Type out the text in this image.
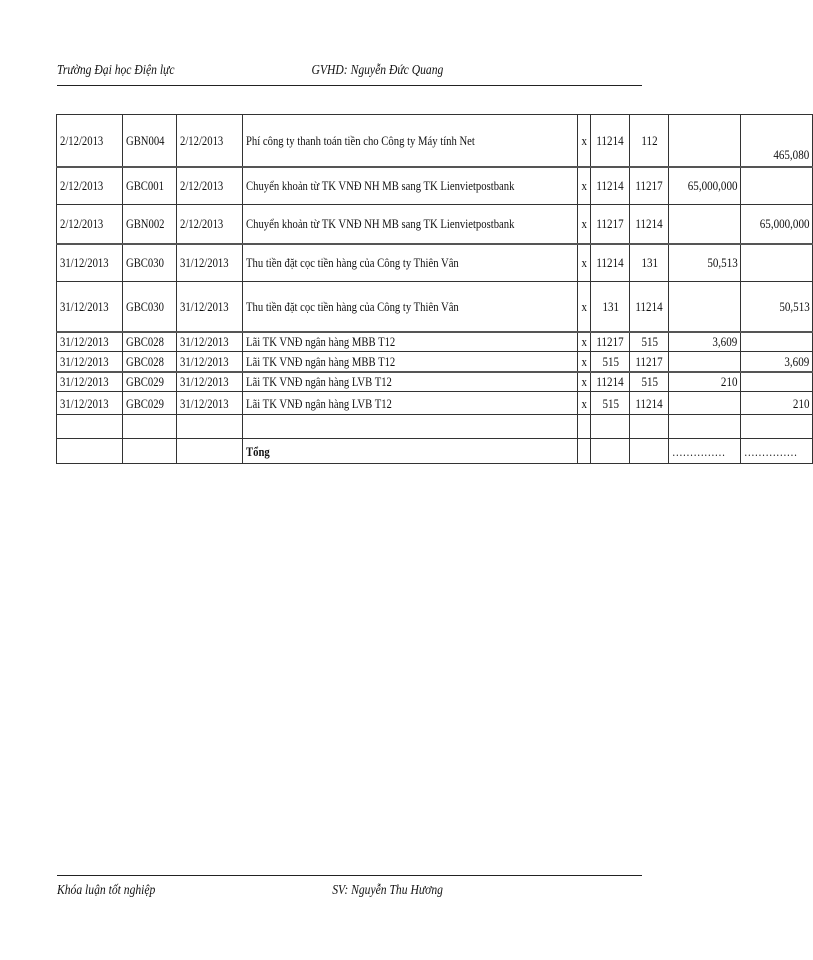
Trường Đại học Điện lực	GVHD: Nguyễn Đức Quang
2/12/2013	GBN004	2/12/2013	Phí công ty thanh toán tiền cho Công ty Máy tính Net	x	11214	112		465,080
2/12/2013	GBC001	2/12/2013	Chuyển khoản từ TK VNĐ NH MB sang TK Lienvietpostbank	x	11214	11217	65,000,000	
2/12/2013	GBN002	2/12/2013	Chuyển khoản từ TK VNĐ NH MB sang TK Lienvietpostbank	x	11217	11214		65,000,000
31/12/2013	GBC030	31/12/2013	Thu tiền đặt cọc tiền hàng của Công ty Thiên Vân	x	11214	131	50,513	
31/12/2013	GBC030	31/12/2013	Thu tiền đặt cọc tiền hàng của Công ty Thiên Vân	x	131	11214		50,513
31/12/2013	GBC028	31/12/2013	Lãi TK VNĐ ngân hàng MBB T12	x	11217	515	3,609	
31/12/2013	GBC028	31/12/2013	Lãi TK VNĐ ngân hàng MBB T12	x	515	11217		3,609
31/12/2013	GBC029	31/12/2013	Lãi TK VNĐ ngân hàng LVB T12	x	11214	515	210	
31/12/2013	GBC029	31/12/2013	Lãi TK VNĐ ngân hàng LVB T12	x	515	11214		210

			Tổng				……………	……………
Khóa luận tốt nghiệp	SV: Nguyễn Thu Hương
